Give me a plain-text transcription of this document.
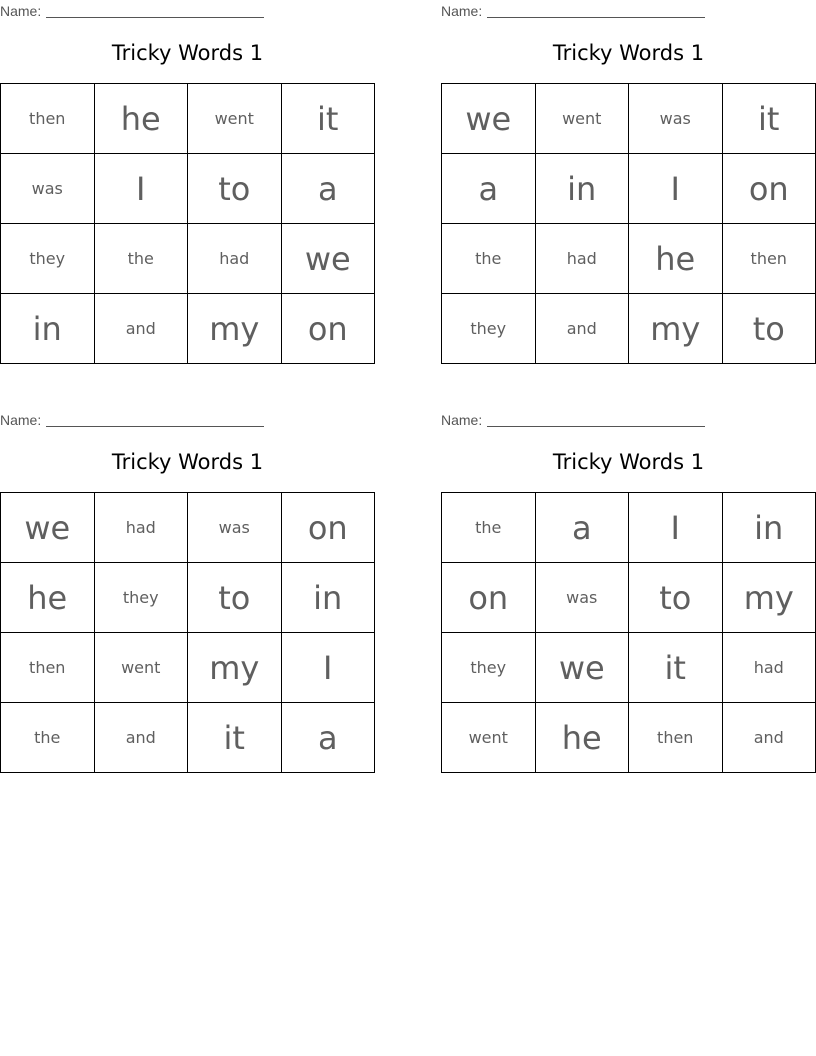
Name:
Tricky Words 1
then	he	went	it
was	I	to	a
they	the	had	we
in	and	my	on
Name:
Tricky Words 1
we	went	was	it
a	in	I	on
the	had	he	then
they	and	my	to
Name:
Tricky Words 1
we	had	was	on
he	they	to	in
then	went	my	I
the	and	it	a
Name:
Tricky Words 1
the	a	I	in
on	was	to	my
they	we	it	had
went	he	then	and
